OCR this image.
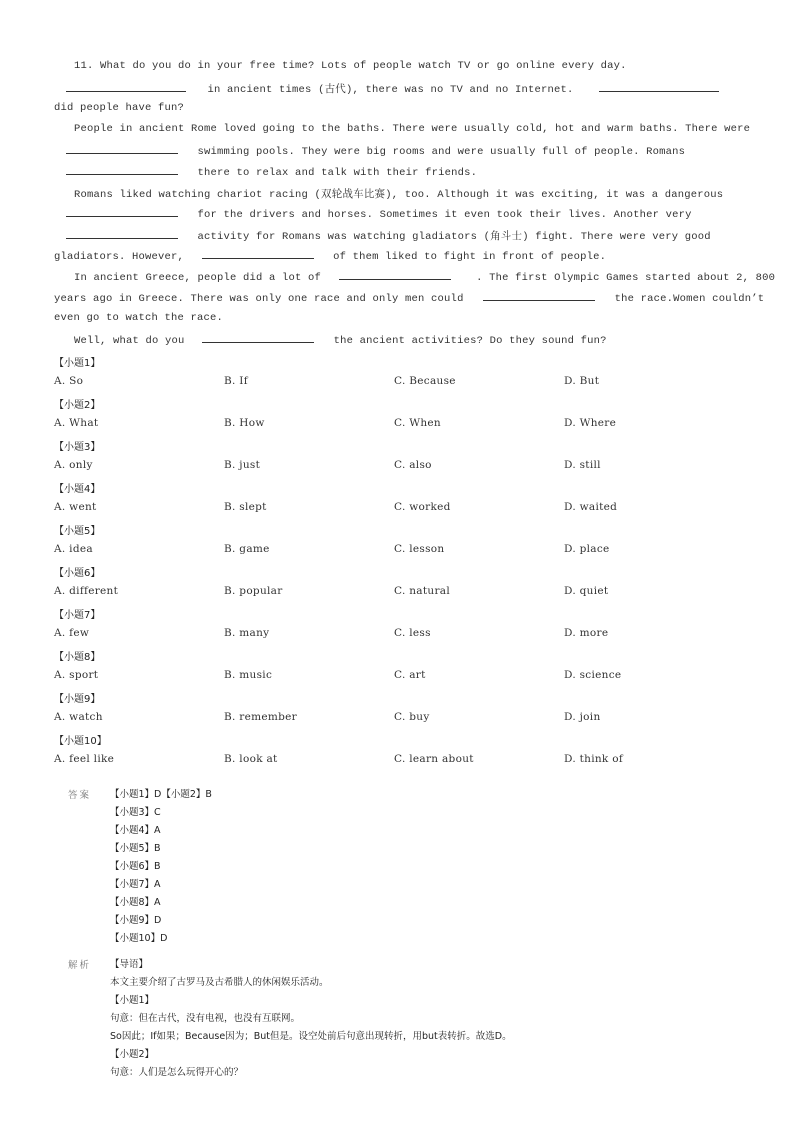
11. What do you do in your free time? Lots of people watch TV or go online every day.
in ancient times (古代), there was no TV and no Internet.
did people have fun?
People in ancient Rome loved going to the baths. There were usually cold, hot and warm baths. There were
swimming pools. They were big rooms and were usually full of people. Romans
there to relax and talk with their friends.
Romans liked watching chariot racing (双轮战车比赛), too. Although it was exciting, it was a dangerous
for the drivers and horses. Sometimes it even took their lives. Another very
activity for Romans was watching gladiators (角斗士) fight. There were very good
gladiators. However,	of them liked to fight in front of people.
In ancient Greece, people did a lot of	. The first Olympic Games started about 2, 800
years ago in Greece. There was only one race and only men could	the race.Women couldn’t
even go to watch the race.
Well, what do you	the ancient activities? Do they sound fun?
【小题1】
A. So	B. If	C. Because	D. But
【小题2】
A. What	B. How	C. When	D. Where
【小题3】
A. only	B. just	C. also	D. still
【小题4】
A. went	B. slept	C. worked	D. waited
【小题5】
A. idea	B. game	C. lesson	D. place
【小题6】
A. different	B. popular	C. natural	D. quiet
【小题7】
A. few	B. many	C. less	D. more
【小题8】
A. sport	B. music	C. art	D. science
【小题9】
A. watch	B. remember	C. buy	D. join
【小题10】
A. feel like	B. look at	C. learn about	D. think of
答案 【小题1】D【小题2】B
【小题3】C
【小题4】A
【小题5】B
【小题6】B
【小题7】A
【小题8】A
【小题9】D
【小题10】D
解析 【导语】
本文主要介绍了古罗马及古希腊人的休闲娱乐活动。
【小题1】
句意：但在古代，没有电视，也没有互联网。
So因此；If如果；Because因为；But但是。设空处前后句意出现转折，用but表转折。故选D。
【小题2】
句意：人们是怎么玩得开心的？
